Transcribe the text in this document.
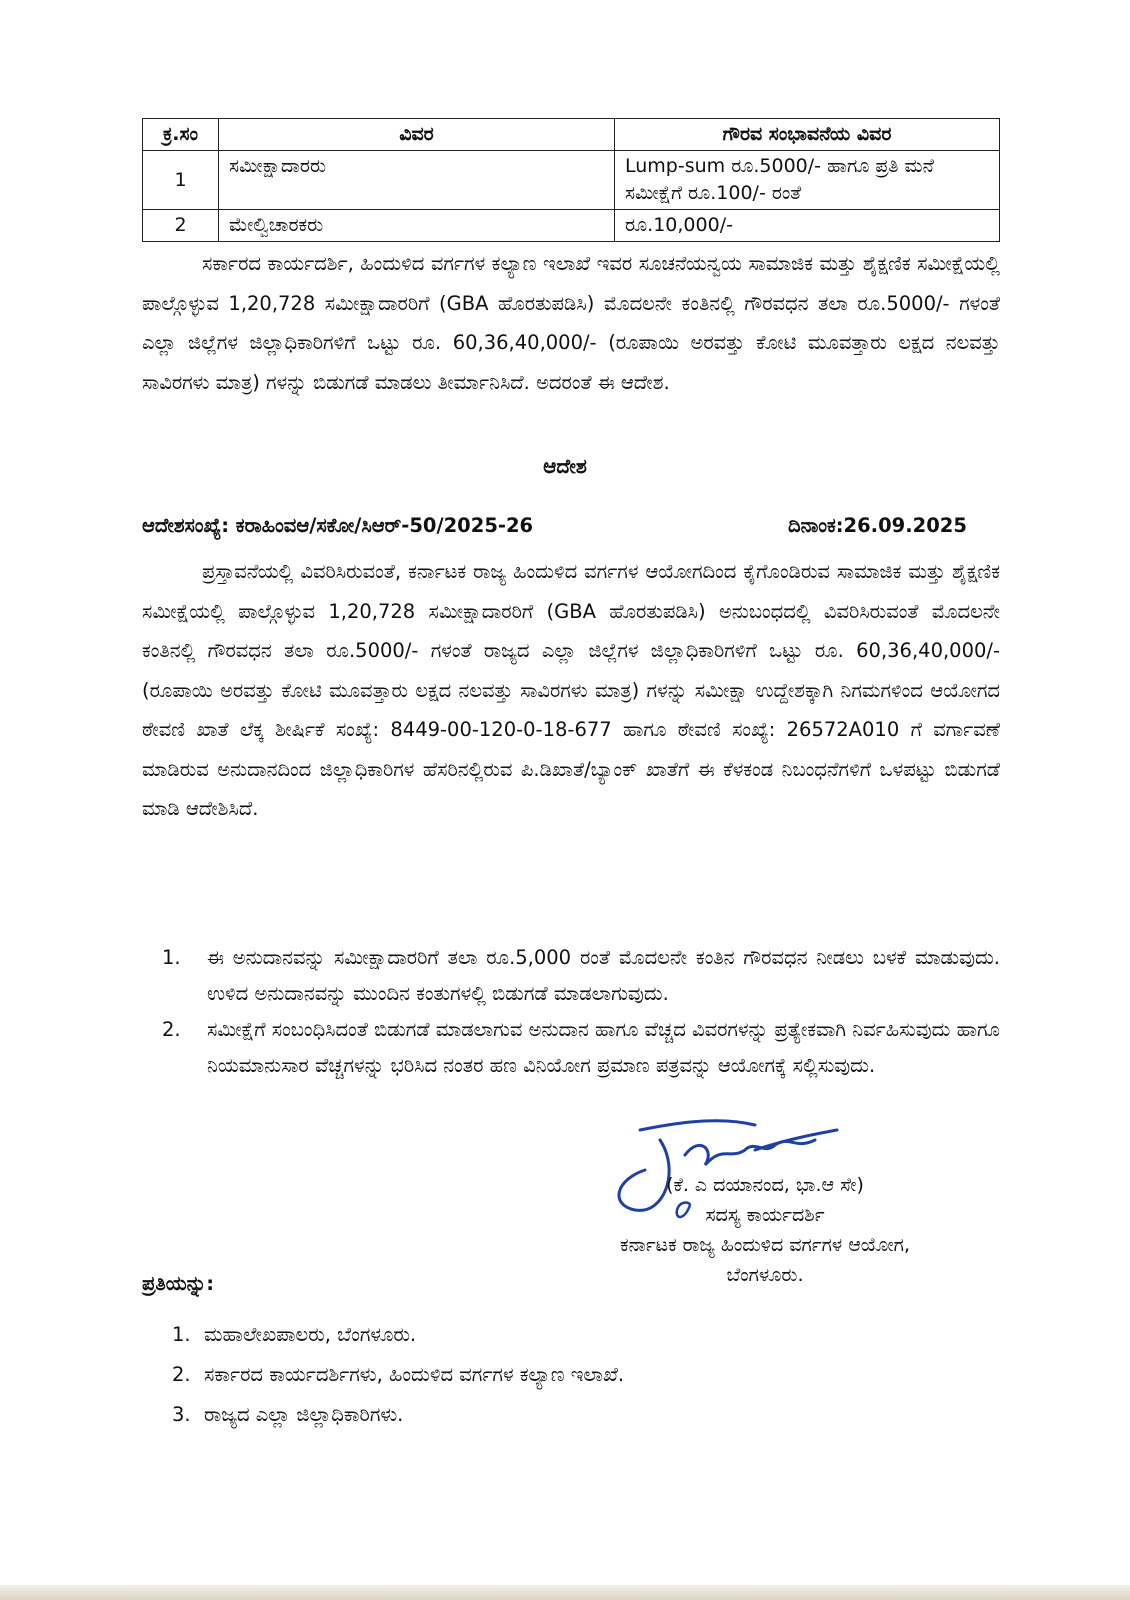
ಕ್ರ.ಸಂ	ವಿವರ	ಗೌರವ ಸಂಭಾವನೆಯ ವಿವರ
1	ಸಮೀಕ್ಷಾದಾರರು	Lump-sum ರೂ.5000/- ಹಾಗೂ ಪ್ರತಿ ಮನೆ ಸಮೀಕ್ಷೆಗೆ ರೂ.100/- ರಂತೆ
2	ಮೇಲ್ವಿಚಾರಕರು	ರೂ.10,000/-

ಸರ್ಕಾರದ ಕಾರ್ಯದರ್ಶಿ, ಹಿಂದುಳಿದ ವರ್ಗಗಳ ಕಲ್ಯಾಣ ಇಲಾಖೆ ಇವರ ಸೂಚನೆಯನ್ವಯ ಸಾಮಾಜಿಕ ಮತ್ತು ಶೈಕ್ಷಣಿಕ ಸಮೀಕ್ಷೆಯಲ್ಲಿ ಪಾಲ್ಗೊಳ್ಳುವ 1,20,728 ಸಮೀಕ್ಷಾದಾರರಿಗೆ (GBA ಹೊರತುಪಡಿಸಿ) ಮೊದಲನೇ ಕಂತಿನಲ್ಲಿ ಗೌರವಧನ ತಲಾ ರೂ.5000/- ಗಳಂತೆ ಎಲ್ಲಾ ಜಿಲ್ಲೆಗಳ ಜಿಲ್ಲಾಧಿಕಾರಿಗಳಿಗೆ ಒಟ್ಟು ರೂ. 60,36,40,000/- (ರೂಪಾಯಿ ಅರವತ್ತು ಕೋಟಿ ಮೂವತ್ತಾರು ಲಕ್ಷದ ನಲವತ್ತು ಸಾವಿರಗಳು ಮಾತ್ರ) ಗಳನ್ನು ಬಿಡುಗಡೆ ಮಾಡಲು ತೀರ್ಮಾನಿಸಿದೆ. ಅದರಂತೆ ಈ ಆದೇಶ.

ಆದೇಶ
ಆದೇಶಸಂಖ್ಯೆ: ಕರಾಹಿಂವಆ/ಸಕೋ/ಸಿಆರ್-50/2025-26	ದಿನಾಂಕ:26.09.2025

ಪ್ರಸ್ತಾವನೆಯಲ್ಲಿ ವಿವರಿಸಿರುವಂತೆ, ಕರ್ನಾಟಕ ರಾಜ್ಯ ಹಿಂದುಳಿದ ವರ್ಗಗಳ ಆಯೋಗದಿಂದ ಕೈಗೊಂಡಿರುವ ಸಾಮಾಜಿಕ ಮತ್ತು ಶೈಕ್ಷಣಿಕ ಸಮೀಕ್ಷೆಯಲ್ಲಿ ಪಾಲ್ಗೊಳ್ಳುವ 1,20,728 ಸಮೀಕ್ಷಾದಾರರಿಗೆ (GBA ಹೊರತುಪಡಿಸಿ) ಅನುಬಂಧದಲ್ಲಿ ವಿವರಿಸಿರುವಂತೆ ಮೊದಲನೇ ಕಂತಿನಲ್ಲಿ ಗೌರವಧನ ತಲಾ ರೂ.5000/- ಗಳಂತೆ ರಾಜ್ಯದ ಎಲ್ಲಾ ಜಿಲ್ಲೆಗಳ ಜಿಲ್ಲಾಧಿಕಾರಿಗಳಿಗೆ ಒಟ್ಟು ರೂ. 60,36,40,000/- (ರೂಪಾಯಿ ಅರವತ್ತು ಕೋಟಿ ಮೂವತ್ತಾರು ಲಕ್ಷದ ನಲವತ್ತು ಸಾವಿರಗಳು ಮಾತ್ರ) ಗಳನ್ನು ಸಮೀಕ್ಷಾ ಉದ್ದೇಶಕ್ಕಾಗಿ ನಿಗಮಗಳಿಂದ ಆಯೋಗದ ಠೇವಣಿ ಖಾತೆ ಲೆಕ್ಕ ಶೀರ್ಷಿಕೆ ಸಂಖ್ಯೆ: 8449-00-120-0-18-677 ಹಾಗೂ ಠೇವಣಿ ಸಂಖ್ಯೆ: 26572A010 ಗೆ ವರ್ಗಾವಣೆ ಮಾಡಿರುವ ಅನುದಾನದಿಂದ ಜಿಲ್ಲಾಧಿಕಾರಿಗಳ ಹೆಸರಿನಲ್ಲಿರುವ ಪಿ.ಡಿಖಾತೆ/ಬ್ಯಾಂಕ್ ಖಾತೆಗೆ ಈ ಕೆಳಕಂಡ ನಿಬಂಧನೆಗಳಿಗೆ ಒಳಪಟ್ಟು ಬಿಡುಗಡೆ ಮಾಡಿ ಆದೇಶಿಸಿದೆ.

1. ಈ ಅನುದಾನವನ್ನು ಸಮೀಕ್ಷಾದಾರರಿಗೆ ತಲಾ ರೂ.5,000 ರಂತೆ ಮೊದಲನೇ ಕಂತಿನ ಗೌರವಧನ ನೀಡಲು ಬಳಕೆ ಮಾಡುವುದು. ಉಳಿದ ಅನುದಾನವನ್ನು ಮುಂದಿನ ಕಂತುಗಳಲ್ಲಿ ಬಿಡುಗಡೆ ಮಾಡಲಾಗುವುದು.
2. ಸಮೀಕ್ಷೆಗೆ ಸಂಬಂಧಿಸಿದಂತೆ ಬಿಡುಗಡೆ ಮಾಡಲಾಗುವ ಅನುದಾನ ಹಾಗೂ ವೆಚ್ಚದ ವಿವರಗಳನ್ನು ಪ್ರತ್ಯೇಕವಾಗಿ ನಿರ್ವಹಿಸುವುದು ಹಾಗೂ ನಿಯಮಾನುಸಾರ ವೆಚ್ಚಗಳನ್ನು ಭರಿಸಿದ ನಂತರ ಹಣ ವಿನಿಯೋಗ ಪ್ರಮಾಣ ಪತ್ರವನ್ನು ಆಯೋಗಕ್ಕೆ ಸಲ್ಲಿಸುವುದು.
(ಕೆ. ಎ ದಯಾನಂದ, ಭಾ.ಆ ಸೇ)
ಸದಸ್ಯ ಕಾರ್ಯದರ್ಶಿ
ಕರ್ನಾಟಕ ರಾಜ್ಯ ಹಿಂದುಳಿದ ವರ್ಗಗಳ ಆಯೋಗ,
ಬೆಂಗಳೂರು.
ಪ್ರತಿಯನ್ನು:
1. ಮಹಾಲೇಖಪಾಲರು, ಬೆಂಗಳೂರು.
2. ಸರ್ಕಾರದ ಕಾರ್ಯದರ್ಶಿಗಳು, ಹಿಂದುಳಿದ ವರ್ಗಗಳ ಕಲ್ಯಾಣ ಇಲಾಖೆ.
3. ರಾಜ್ಯದ ಎಲ್ಲಾ ಜಿಲ್ಲಾಧಿಕಾರಿಗಳು.
